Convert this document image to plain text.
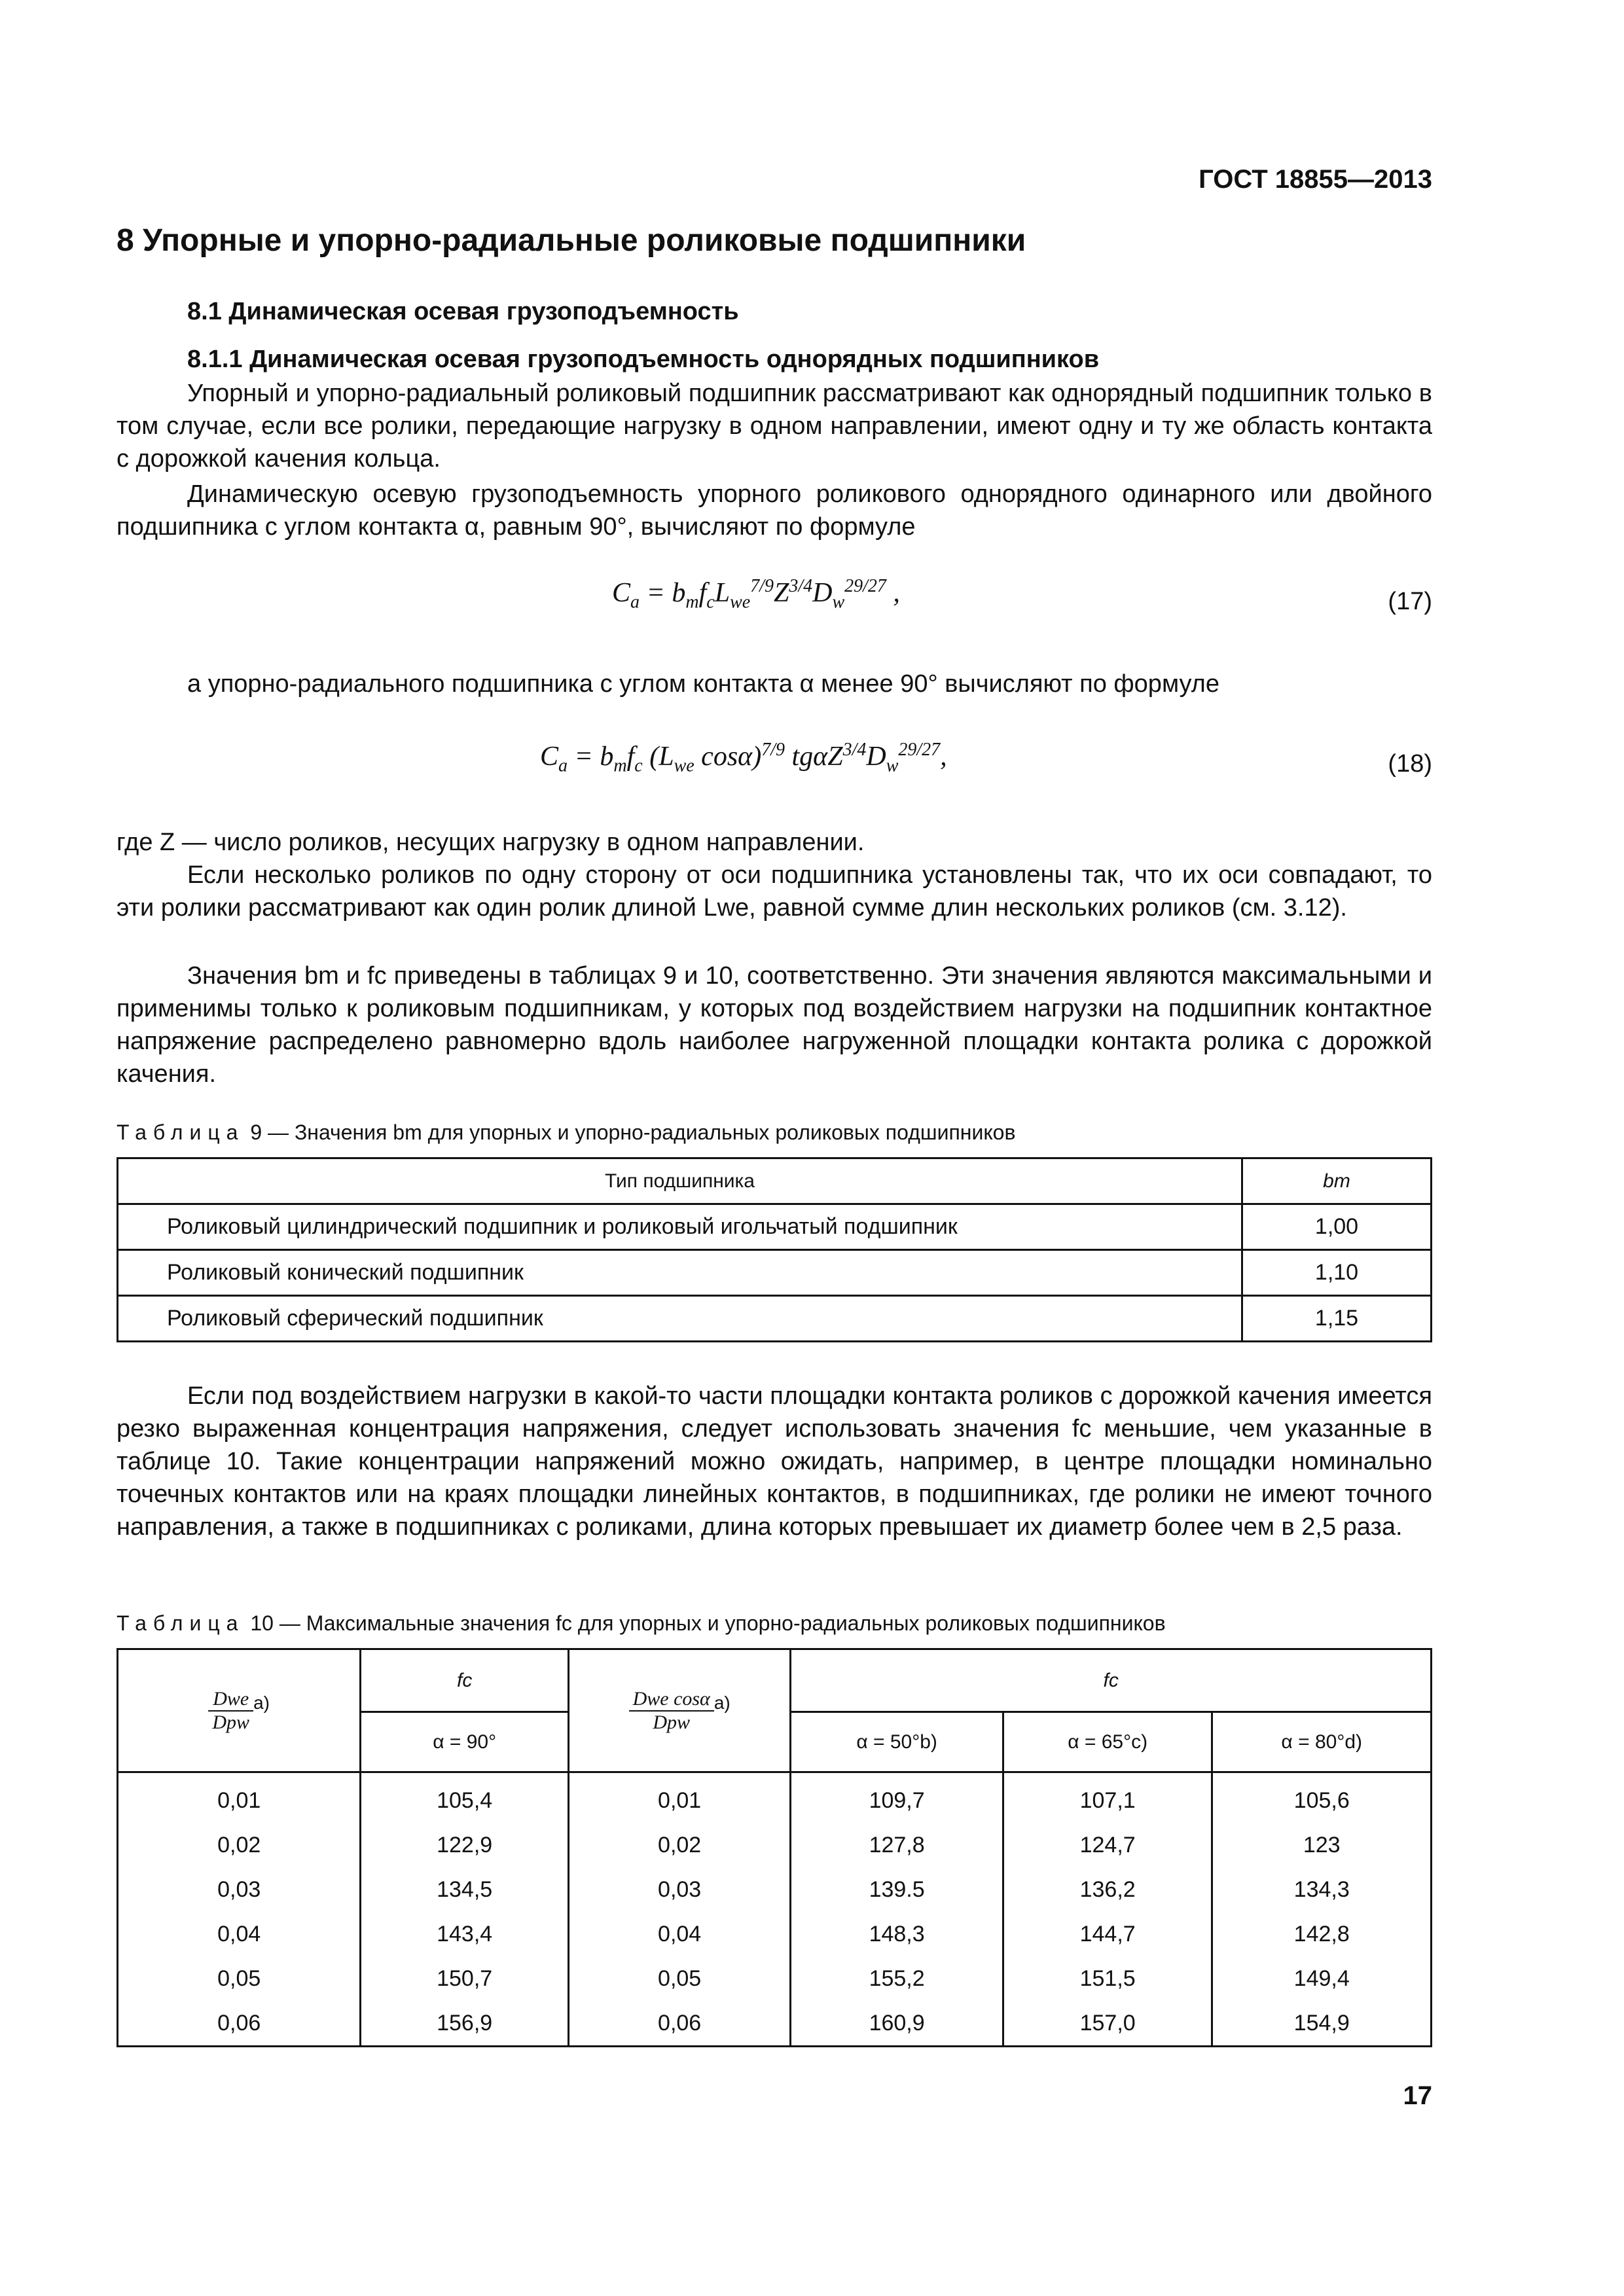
ГОСТ 18855—2013
8 Упорные и упорно-радиальные роликовые подшипники
8.1 Динамическая осевая грузоподъемность
8.1.1 Динамическая осевая грузоподъемность однорядных подшипников

Упорный и упорно-радиальный роликовый подшипник рассматривают как однорядный подшипник только в том случае, если все ролики, передающие нагрузку в одном направлении, имеют одну и ту же область контакта с дорожкой качения кольца.

Динамическую осевую грузоподъемность упорного роликового однорядного одинарного или двойного подшипника с углом контакта α, равным 90°, вычисляют по формуле

$C_a = b_mf_cL_{we}^{7/9}Z^{3/4}D_w^{29/27}$ ,	(17)

а упорно-радиального подшипника с углом контакта α менее 90° вычисляют по формуле

$C_a = b_mf_c$ ($L_{we}$ cosα)$^{7/9}$ $tg\alpha Z^{3/4}D_w^{29/27}$,	(18)

где Z — число роликов, несущих нагрузку в одном направлении.

Если несколько роликов по одну сторону от оси подшипника установлены так, что их оси совпадают, то эти ролики рассматривают как один ролик длиной Lwe, равной сумме длин нескольких роликов (см. 3.12).

Значения bm и fc приведены в таблицах 9 и 10, соответственно. Эти значения являются максимальными и применимы только к роликовым подшипникам, у которых под воздействием нагрузки на подшипник контактное напряжение распределено равномерно вдоль наиболее нагруженной площадки контакта ролика с дорожкой качения.

Таблица 9 — Значения bm для упорных и упорно-радиальных роликовых подшипников
Тип подшипника	bm
Роликовый цилиндрический подшипник и роликовый игольчатый подшипник	1,00
Роликовый конический подшипник	1,10
Роликовый сферический подшипник	1,15

Если под воздействием нагрузки в какой-то части площадки контакта роликов с дорожкой качения имеется резко выраженная концентрация напряжения, следует использовать значения fc меньшие, чем указанные в таблице 10. Такие концентрации напряжений можно ожидать, например, в центре площадки номинально точечных контактов или на краях площадки линейных контактов, в подшипниках, где ролики не имеют точного направления, а также в подшипниках с роликами, длина которых превышает их диаметр более чем в 2,5 раза.

Таблица 10 — Максимальные значения fc для упорных и упорно-радиальных роликовых подшипников
$\frac{\text{Dwe}}{\text{Dpw}} ^{a)}$	fc	$\frac{\text{Dwe cosα}}{\text{Dpw}} ^{a)}$	fc		
	α = 90°		α = 50°b)	α = 65°c)	α = 80°d)
0,01	105,4	0,01	109,7	107,1	105,6
0,02	122,9	0,02	127,8	124,7	123
0,03	134,5	0,03	139.5	136,2	134,3
0,04	143,4	0,04	148,3	144,7	142,8
0,05	150,7	0,05	155,2	151,5	149,4
0,06	156,9	0,06	160,9	157,0	154,9
17
